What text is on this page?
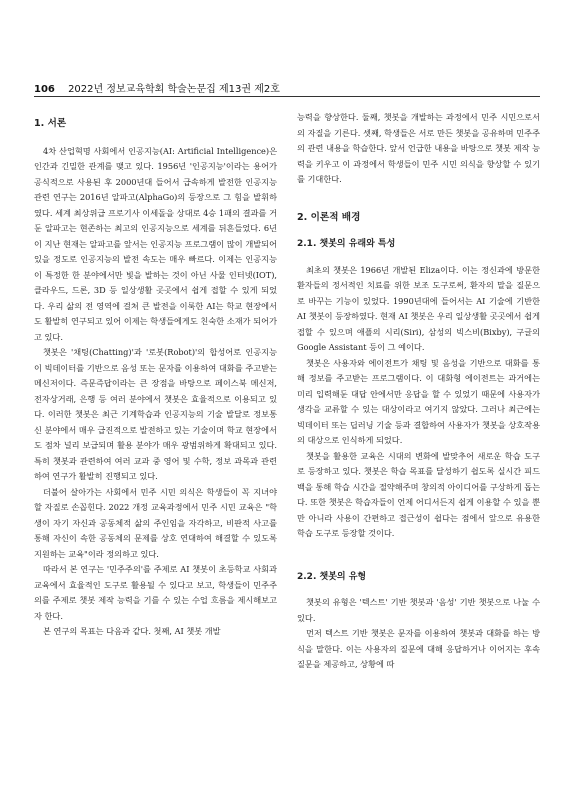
106 2022년 정보교육학회 학술논문집 제13권 제2호
1. 서론

4차 산업혁명 사회에서 인공지능(AI: Artificial Intelligence)은 인간과 긴밀한 관계를 맺고 있다. 1956년 '인공지능'이라는 용어가 공식적으로 사용된 후 2000년대 들어서 급속하게 발전한 인공지능 관련 연구는 2016년 알파고(AlphaGo)의 등장으로 그 힘을 발휘하였다. 세계 최상위급 프로기사 이세돌을 상대로 4승 1패의 결과를 거둔 알파고는 현존하는 최고의 인공지능으로 세계를 뒤흔들었다. 6년이 지난 현재는 알파고를 앞서는 인공지능 프로그램이 많이 개발되어 있을 정도로 인공지능의 발전 속도는 매우 빠르다. 이제는 인공지능이 특정한 한 분야에서만 빛을 발하는 것이 아닌 사물 인터넷(IOT), 클라우드, 드론, 3D 등 일상생활 곳곳에서 쉽게 접할 수 있게 되었다. 우리 삶의 전 영역에 걸쳐 큰 발전을 이룩한 AI는 학교 현장에서도 활발히 연구되고 있어 이제는 학생들에게도 친숙한 소재가 되어가고 있다.

챗봇은 '채팅(Chatting)'과 '로봇(Robot)'의 합성어로 인공지능이 빅데이터를 기반으로 음성 또는 문자를 이용하여 대화를 주고받는 메신저이다. 즉문즉답이라는 큰 장점을 바탕으로 페이스북 메신저, 전자상거래, 은행 등 여러 분야에서 챗봇은 효율적으로 이용되고 있다. 이러한 챗봇은 최근 기계학습과 인공지능의 기술 발달로 정보통신 분야에서 매우 급진적으로 발전하고 있는 기술이며 학교 현장에서도 점차 널리 보급되며 활용 분야가 매우 광범위하게 확대되고 있다. 특히 챗봇과 관련하여 여러 교과 중 영어 및 수학, 정보 과목과 관련하여 연구가 활발히 진행되고 있다.

더불어 살아가는 사회에서 민주 시민 의식은 학생들이 꼭 지녀야 할 자질로 손꼽힌다. 2022 개정 교육과정에서 민주 시민 교육은 "학생이 자기 자신과 공동체적 삶의 주인임을 자각하고, 비판적 사고를 통해 자신이 속한 공동체의 문제를 상호 연대하여 해결할 수 있도록 지원하는 교육"이라 정의하고 있다.

따라서 본 연구는 '민주주의'를 주제로 AI 챗봇이 초등학교 사회과 교육에서 효율적인 도구로 활용될 수 있다고 보고, 학생들이 민주주의를 주제로 챗봇 제작 능력을 기를 수 있는 수업 흐름을 제시해보고자 한다.

본 연구의 목표는 다음과 같다. 첫째, AI 챗봇 개발

능력을 향상한다. 둘째, 챗봇을 개발하는 과정에서 민주 시민으로서의 자질을 기른다. 셋째, 학생들은 서로 만든 챗봇을 공유하며 민주주의 관련 내용을 학습한다. 앞서 언급한 내용을 바탕으로 챗봇 제작 능력을 키우고 이 과정에서 학생들이 민주 시민 의식을 향상할 수 있기를 기대한다.

2. 이론적 배경
2.1. 챗봇의 유래와 특성

최초의 챗봇은 1966년 개발된 Eliza이다. 이는 정신과에 방문한 환자들의 정서적인 치료를 위한 보조 도구로써, 환자의 말을 질문으로 바꾸는 기능이 있었다. 1990년대에 들어서는 AI 기술에 기반한 AI 챗봇이 등장하였다. 현재 AI 챗봇은 우리 일상생활 곳곳에서 쉽게 접할 수 있으며 애플의 시리(Siri), 삼성의 빅스비(Bixby), 구글의 Google Assistant 등이 그 예이다.

챗봇은 사용자와 에이전트가 채팅 및 음성을 기반으로 대화를 통해 정보를 주고받는 프로그램이다. 이 대화형 에이전트는 과거에는 미리 입력해둔 대답 안에서만 응답을 할 수 있었기 때문에 사용자가 생각을 교류할 수 있는 대상이라고 여기지 않았다. 그러나 최근에는 빅데이터 또는 딥러닝 기술 등과 결합하여 사용자가 챗봇을 상호작용의 대상으로 인식하게 되었다.

챗봇을 활용한 교육은 시대의 변화에 발맞추어 새로운 학습 도구로 등장하고 있다. 챗봇은 학습 목표를 달성하기 쉽도록 실시간 피드백을 통해 학습 시간을 절약해주며 창의적 아이디어를 구상하게 돕는다. 또한 챗봇은 학습자들이 언제 어디서든지 쉽게 이용할 수 있을 뿐만 아니라 사용이 간편하고 접근성이 쉽다는 점에서 앞으로 유용한 학습 도구로 등장할 것이다.

2.2. 챗봇의 유형

챗봇의 유형은 '텍스트' 기반 챗봇과 '음성' 기반 챗봇으로 나눌 수 있다.

먼저 텍스트 기반 챗봇은 문자를 이용하여 챗봇과 대화를 하는 방식을 말한다. 이는 사용자의 질문에 대해 응답하거나 이어지는 후속 질문을 제공하고, 상황에 따
